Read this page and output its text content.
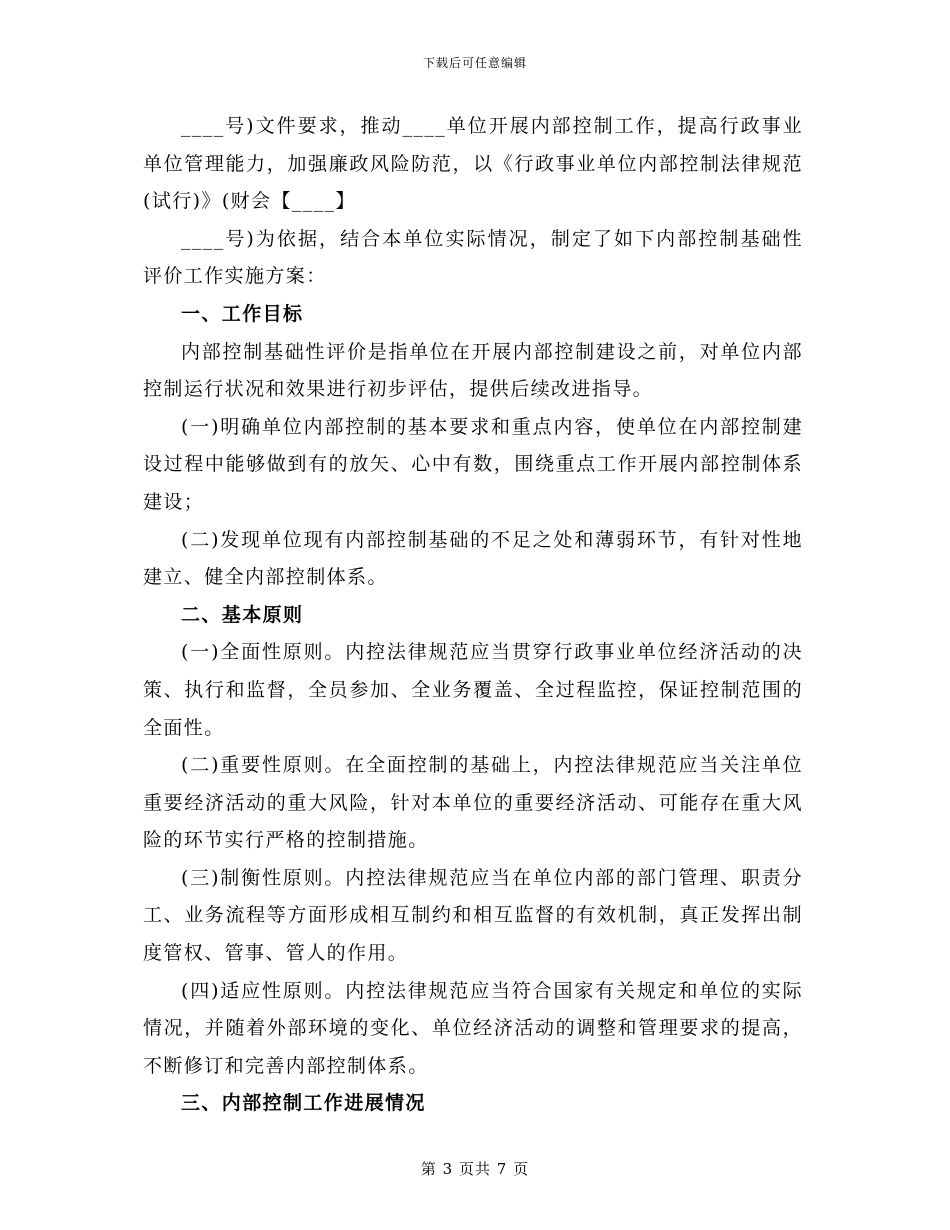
下载后可任意编辑

____号)文件要求，推动____单位开展内部控制工作，提高行政事业单位管理能力，加强廉政风险防范，以《行政事业单位内部控制法律规范(试行)》(财会【____】

____号)为依据，结合本单位实际情况，制定了如下内部控制基础性评价工作实施方案：

一、工作目标

内部控制基础性评价是指单位在开展内部控制建设之前，对单位内部控制运行状况和效果进行初步评估，提供后续改进指导。

(一)明确单位内部控制的基本要求和重点内容，使单位在内部控制建设过程中能够做到有的放矢、心中有数，围绕重点工作开展内部控制体系建设；

(二)发现单位现有内部控制基础的不足之处和薄弱环节，有针对性地建立、健全内部控制体系。

二、基本原则

(一)全面性原则。内控法律规范应当贯穿行政事业单位经济活动的决策、执行和监督，全员参加、全业务覆盖、全过程监控，保证控制范围的全面性。

(二)重要性原则。在全面控制的基础上，内控法律规范应当关注单位重要经济活动的重大风险，针对本单位的重要经济活动、可能存在重大风险的环节实行严格的控制措施。

(三)制衡性原则。内控法律规范应当在单位内部的部门管理、职责分工、业务流程等方面形成相互制约和相互监督的有效机制，真正发挥出制度管权、管事、管人的作用。

(四)适应性原则。内控法律规范应当符合国家有关规定和单位的实际情况，并随着外部环境的变化、单位经济活动的调整和管理要求的提高，不断修订和完善内部控制体系。

三、内部控制工作进展情况

第 3 页共 7 页
